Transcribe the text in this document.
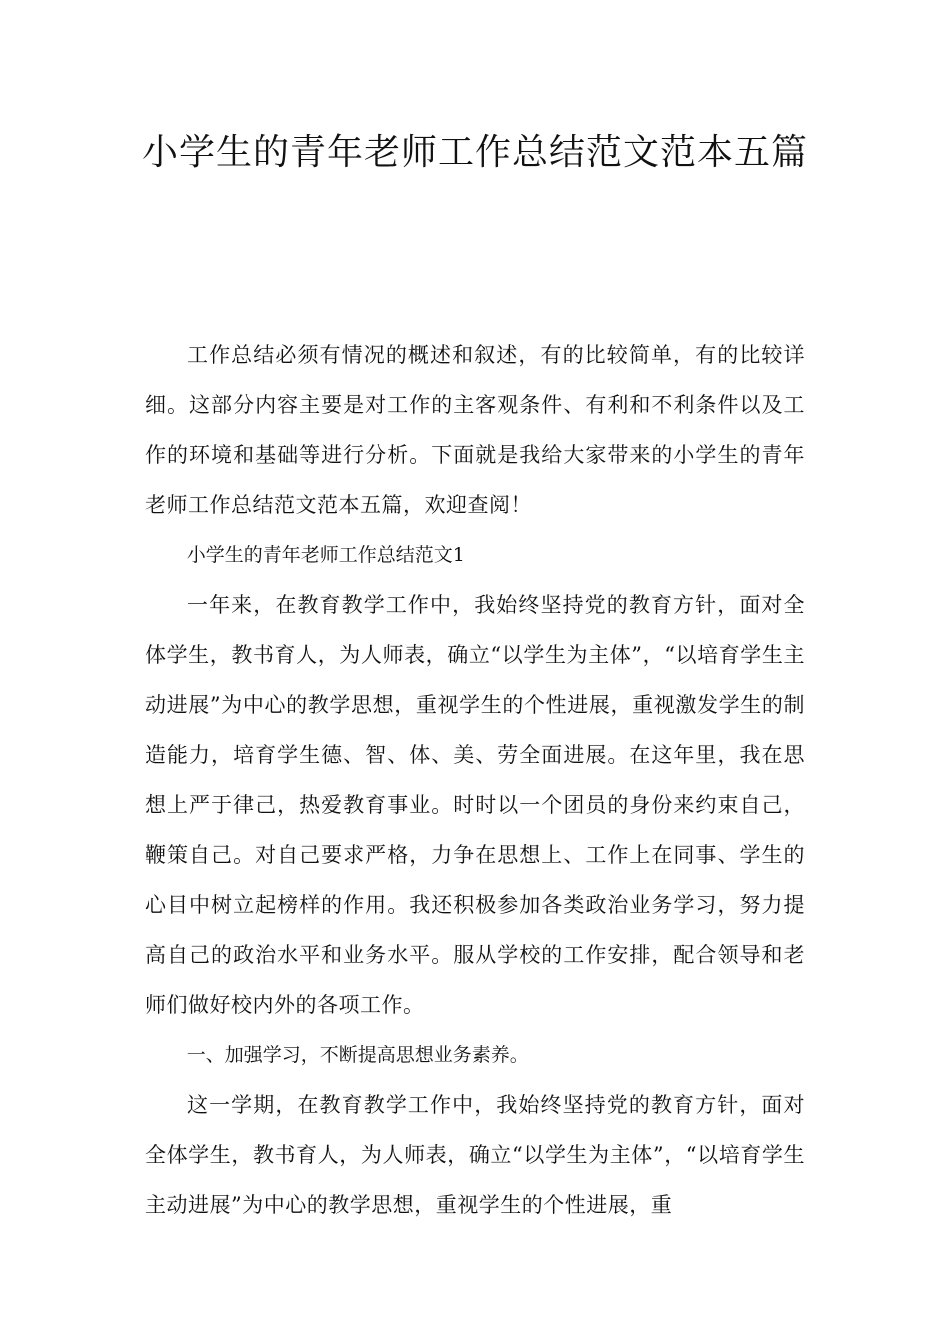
小学生的青年老师工作总结范文范本五篇

工作总结必须有情况的概述和叙述，有的比较简单，有的比较详细。这部分内容主要是对工作的主客观条件、有利和不利条件以及工作的环境和基础等进行分析。下面就是我给大家带来的小学生的青年老师工作总结范文范本五篇，欢迎查阅！

小学生的青年老师工作总结范文1

一年来，在教育教学工作中，我始终坚持党的教育方针，面对全体学生，教书育人，为人师表，确立“以学生为主体”，“以培育学生主动进展”为中心的教学思想，重视学生的个性进展，重视激发学生的制造能力，培育学生德、智、体、美、劳全面进展。在这年里，我在思想上严于律己，热爱教育事业。时时以一个团员的身份来约束自己，鞭策自己。对自己要求严格，力争在思想上、工作上在同事、学生的心目中树立起榜样的作用。我还积极参加各类政治业务学习，努力提高自己的政治水平和业务水平。服从学校的工作安排，配合领导和老师们做好校内外的各项工作。

一、加强学习，不断提高思想业务素养。

这一学期，在教育教学工作中，我始终坚持党的教育方针，面对全体学生，教书育人，为人师表，确立“以学生为主体”，“以培育学生主动进展”为中心的教学思想，重视学生的个性进展，重
